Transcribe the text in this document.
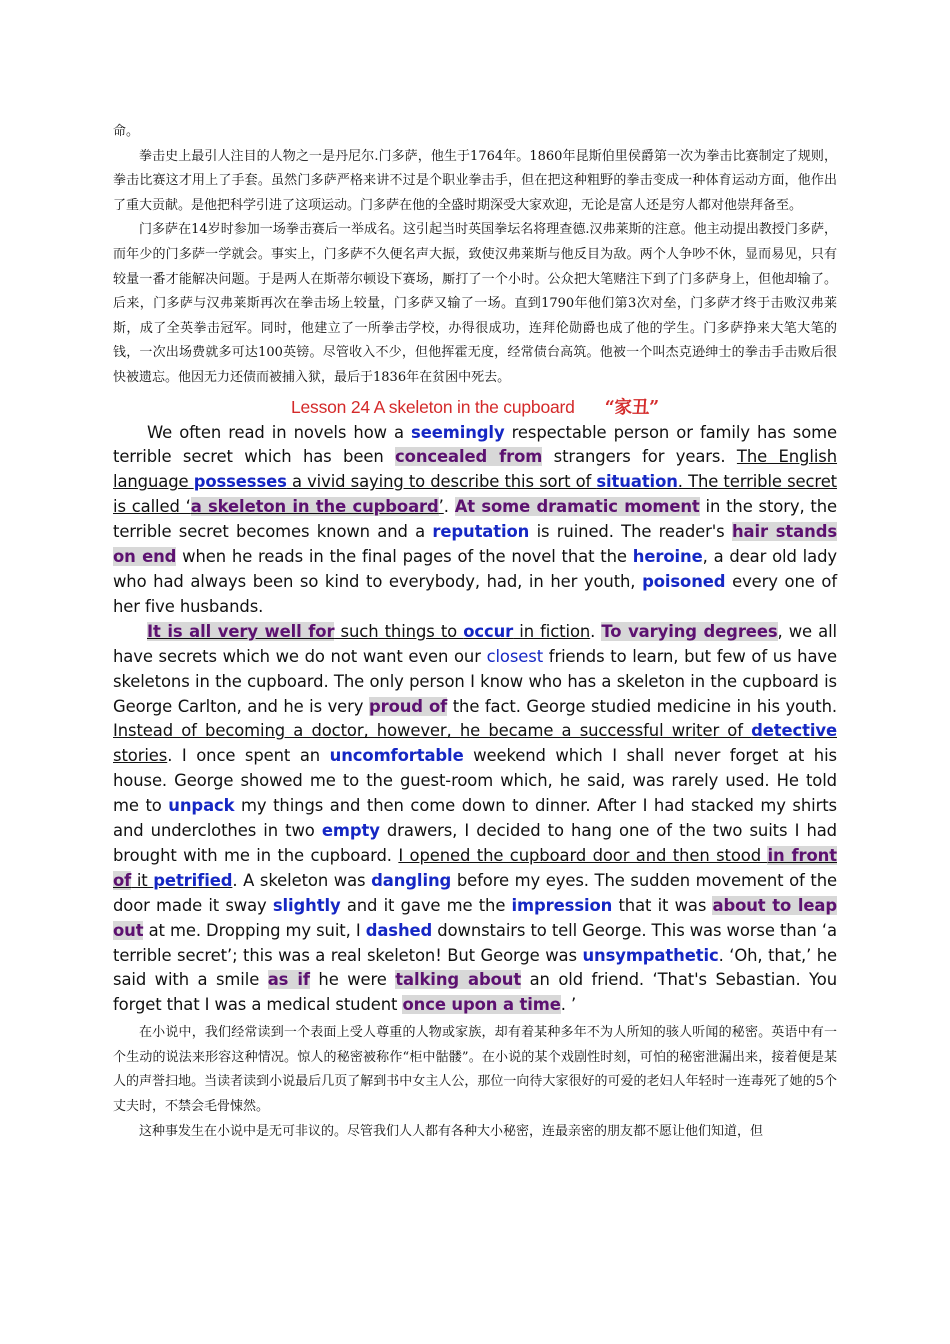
命。

拳击史上最引人注目的人物之一是丹尼尔.门多萨，他生于1764年。1860年昆斯伯里侯爵第一次为拳击比赛制定了规则，拳击比赛这才用上了手套。虽然门多萨严格来讲不过是个职业拳击手，但在把这种粗野的拳击变成一种体育运动方面，他作出了重大贡献。是他把科学引进了这项运动。门多萨在他的全盛时期深受大家欢迎，无论是富人还是穷人都对他崇拜备至。

门多萨在14岁时参加一场拳击赛后一举成名。这引起当时英国拳坛名将理查德.汉弗莱斯的注意。他主动提出教授门多萨，而年少的门多萨一学就会。事实上，门多萨不久便名声大振，致使汉弗莱斯与他反目为敌。两个人争吵不休，显而易见，只有较量一番才能解决问题。于是两人在斯蒂尔顿设下赛场，厮打了一个小时。公众把大笔赌注下到了门多萨身上，但他却输了。后来，门多萨与汉弗莱斯再次在拳击场上较量，门多萨又输了一场。直到1790年他们第3次对垒，门多萨才终于击败汉弗莱斯，成了全英拳击冠军。同时，他建立了一所拳击学校，办得很成功，连拜伦勋爵也成了他的学生。门多萨挣来大笔大笔的钱，一次出场费就多可达100英镑。尽管收入不少，但他挥霍无度，经常债台高筑。他被一个叫杰克逊绅士的拳击手击败后很快被遗忘。他因无力还债而被捕入狱，最后于1836年在贫困中死去。

Lesson 24 A skeleton in the cupboard “家丑”

We often read in novels how a seemingly respectable person or family has some terrible secret which has been concealed from strangers for years. The English language possesses a vivid saying to describe this sort of situation. The terrible secret is called ‘a skeleton in the cupboard’. At some dramatic moment in the story, the terrible secret becomes known and a reputation is ruined. The reader's hair stands on end when he reads in the final pages of the novel that the heroine, a dear old lady who had always been so kind to everybody, had, in her youth, poisoned every one of her five husbands.

It is all very well for such things to occur in fiction. To varying degrees, we all have secrets which we do not want even our closest friends to learn, but few of us have skeletons in the cupboard. The only person I know who has a skeleton in the cupboard is George Carlton, and he is very proud of the fact. George studied medicine in his youth. Instead of becoming a doctor, however, he became a successful writer of detective stories. I once spent an uncomfortable weekend which I shall never forget at his house. George showed me to the guest-room which, he said, was rarely used. He told me to unpack my things and then come down to dinner. After I had stacked my shirts and underclothes in two empty drawers, I decided to hang one of the two suits I had brought with me in the cupboard. I opened the cupboard door and then stood in front of it petrified. A skeleton was dangling before my eyes. The sudden movement of the door made it sway slightly and it gave me the impression that it was about to leap out at me. Dropping my suit, I dashed downstairs to tell George. This was worse than ‘a terrible secret’; this was a real skeleton! But George was unsympathetic. ‘Oh, that,’ he said with a smile as if he were talking about an old friend. ‘That's Sebastian. You forget that I was a medical student once upon a time. ’

在小说中，我们经常读到一个表面上受人尊重的人物或家族，却有着某种多年不为人所知的骇人听闻的秘密。英语中有一个生动的说法来形容这种情况。惊人的秘密被称作“柜中骷髅”。在小说的某个戏剧性时刻，可怕的秘密泄漏出来，接着便是某人的声誉扫地。当读者读到小说最后几页了解到书中女主人公，那位一向待大家很好的可爱的老妇人年轻时一连毒死了她的5个丈夫时，不禁会毛骨悚然。

这种事发生在小说中是无可非议的。尽管我们人人都有各种大小秘密，连最亲密的朋友都不愿让他们知道，但
